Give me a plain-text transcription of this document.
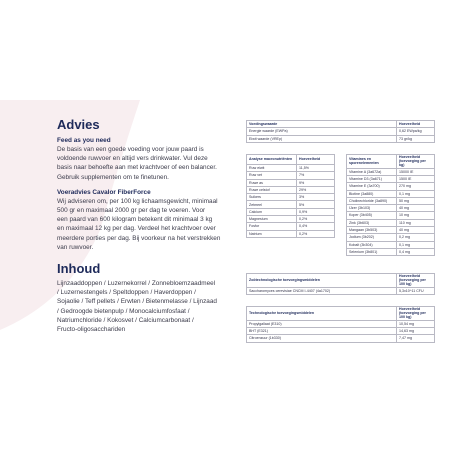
Advies
Feed as you need
De basis van een goede voeding voor jouw paard is
voldoende ruwvoer en altijd vers drinkwater. Vul deze
basis naar behoefte aan met krachtvoer of een balancer.
Gebruik supplementen om te finetunen.
Voeradvies Cavalor FiberForce
Wij adviseren om, per 100 kg lichaamsgewicht, minimaal
500 gr en maximaal 2000 gr per dag te voeren. Voor
een paard van 600 kilogram betekent dit minimaal 3 kg
en maximaal 12 kg per dag. Verdeel het krachtvoer over
meerdere porties per dag. Bij voorkeur na het verstrekken
van ruwvoer.
Inhoud
Lijnzaaddoppen / Luzernekorrel / Zonnebloemzaadmeel
/ Luzernestengels / Speltdoppen / Haverdoppen /
Sojaolie / Teff pellets / Erwten / Bietenmelasse / Lijnzaad
/ Gedroogde bietenpulp / Monocalciumfosfaat /
Natriumchloride / Kokosvet / Calciumcarbonaat /
Fructo-oligosacchariden
Voedingswaarde	Hoeveelheid
Energie waarde (EWPa)	0,62 EWpa/kg
Eiwit waarde (VREp)	73 gr/kg
Analyse macronutriënten	Hoeveelheid
Ruw eiwit	11,5%
Ruw vet	7%
Ruwe as	9%
Ruwe celstof	29%
Suikers	3%
Zetmeel	5%
Calcium	0,9%
Magnesium	0,2%
Fosfor	0,4%
Natrium	0,2%
Vitamines en sporenelementen	Hoeveelheid (toevoeging per kg)
Vitamine A (3a672a)	15000 IE
Vitamine D3 (3a671)	1500 IE
Vitamine E (3a700)	270 mg
Biotine (3a880)	0,1 mg
Cholinechloride (3a890)	50 mg
IJzer (3b103)	40 mg
Koper (3b405)	10 mg
Zink (3b603)	110 mg
Mangaan (3b503)	40 mg
Jodium (3b202)	0,2 mg
Kobalt (3b304)	0,1 mg
Selenium (3b801)	0,4 mg
Zoötechnologische toevoegingsmiddelen	Hoeveelheid (toevoeging per 100 kg)
Saccharomyces cerevisiae CNCM I-4407 (4a1702)	5,3x10^11 CFU
Technologische toevoegingsmiddelen	Hoeveelheid (toevoeging per 100 kg)
Propylgallaat (E310)	10,54 mg
BHT (E321)	14,63 mg
Citroenzuur (1b330)	7,47 mg
